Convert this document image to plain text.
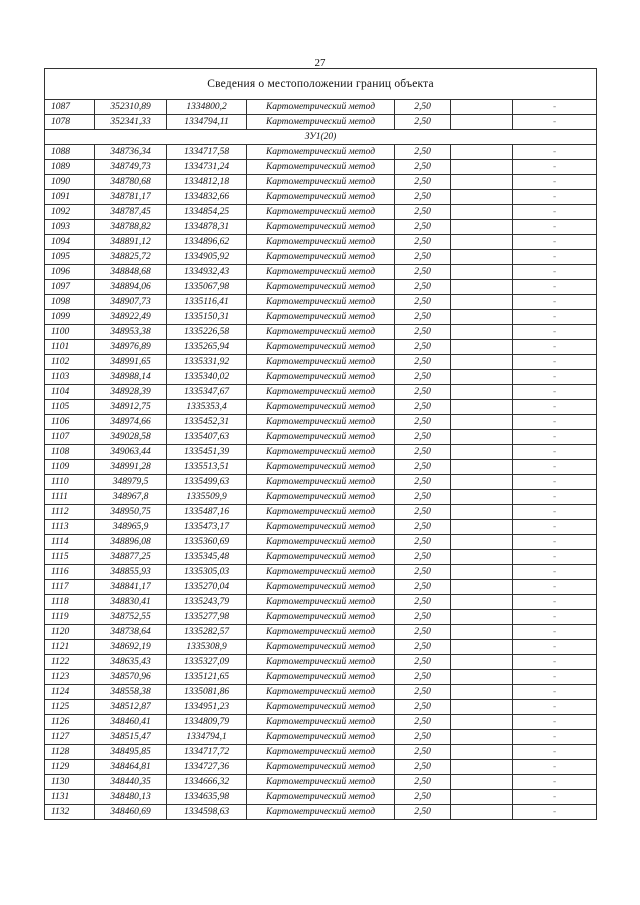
27
Сведения о местоположении границ объекта						
1087	352310,89	1334800,2	Картометрический метод	2,50		-
1078	352341,33	1334794,11	Картометрический метод	2,50		-
ЗУ1(20)						
1088	348736,34	1334717,58	Картометрический метод	2,50		-
1089	348749,73	1334731,24	Картометрический метод	2,50		-
1090	348780,68	1334812,18	Картометрический метод	2,50		-
1091	348781,17	1334832,66	Картометрический метод	2,50		-
1092	348787,45	1334854,25	Картометрический метод	2,50		-
1093	348788,82	1334878,31	Картометрический метод	2,50		-
1094	348891,12	1334896,62	Картометрический метод	2,50		-
1095	348825,72	1334905,92	Картометрический метод	2,50		-
1096	348848,68	1334932,43	Картометрический метод	2,50		-
1097	348894,06	1335067,98	Картометрический метод	2,50		-
1098	348907,73	1335116,41	Картометрический метод	2,50		-
1099	348922,49	1335150,31	Картометрический метод	2,50		-
1100	348953,38	1335226,58	Картометрический метод	2,50		-
1101	348976,89	1335265,94	Картометрический метод	2,50		-
1102	348991,65	1335331,92	Картометрический метод	2,50		-
1103	348988,14	1335340,02	Картометрический метод	2,50		-
1104	348928,39	1335347,67	Картометрический метод	2,50		-
1105	348912,75	1335353,4	Картометрический метод	2,50		-
1106	348974,66	1335452,31	Картометрический метод	2,50		-
1107	349028,58	1335407,63	Картометрический метод	2,50		-
1108	349063,44	1335451,39	Картометрический метод	2,50		-
1109	348991,28	1335513,51	Картометрический метод	2,50		-
1110	348979,5	1335499,63	Картометрический метод	2,50		-
1111	348967,8	1335509,9	Картометрический метод	2,50		-
1112	348950,75	1335487,16	Картометрический метод	2,50		-
1113	348965,9	1335473,17	Картометрический метод	2,50		-
1114	348896,08	1335360,69	Картометрический метод	2,50		-
1115	348877,25	1335345,48	Картометрический метод	2,50		-
1116	348855,93	1335305,03	Картометрический метод	2,50		-
1117	348841,17	1335270,04	Картометрический метод	2,50		-
1118	348830,41	1335243,79	Картометрический метод	2,50		-
1119	348752,55	1335277,98	Картометрический метод	2,50		-
1120	348738,64	1335282,57	Картометрический метод	2,50		-
1121	348692,19	1335308,9	Картометрический метод	2,50		-
1122	348635,43	1335327,09	Картометрический метод	2,50		-
1123	348570,96	1335121,65	Картометрический метод	2,50		-
1124	348558,38	1335081,86	Картометрический метод	2,50		-
1125	348512,87	1334951,23	Картометрический метод	2,50		-
1126	348460,41	1334809,79	Картометрический метод	2,50		-
1127	348515,47	1334794,1	Картометрический метод	2,50		-
1128	348495,85	1334717,72	Картометрический метод	2,50		-
1129	348464,81	1334727,36	Картометрический метод	2,50		-
1130	348440,35	1334666,32	Картометрический метод	2,50		-
1131	348480,13	1334635,98	Картометрический метод	2,50		-
1132	348460,69	1334598,63	Картометрический метод	2,50		-
